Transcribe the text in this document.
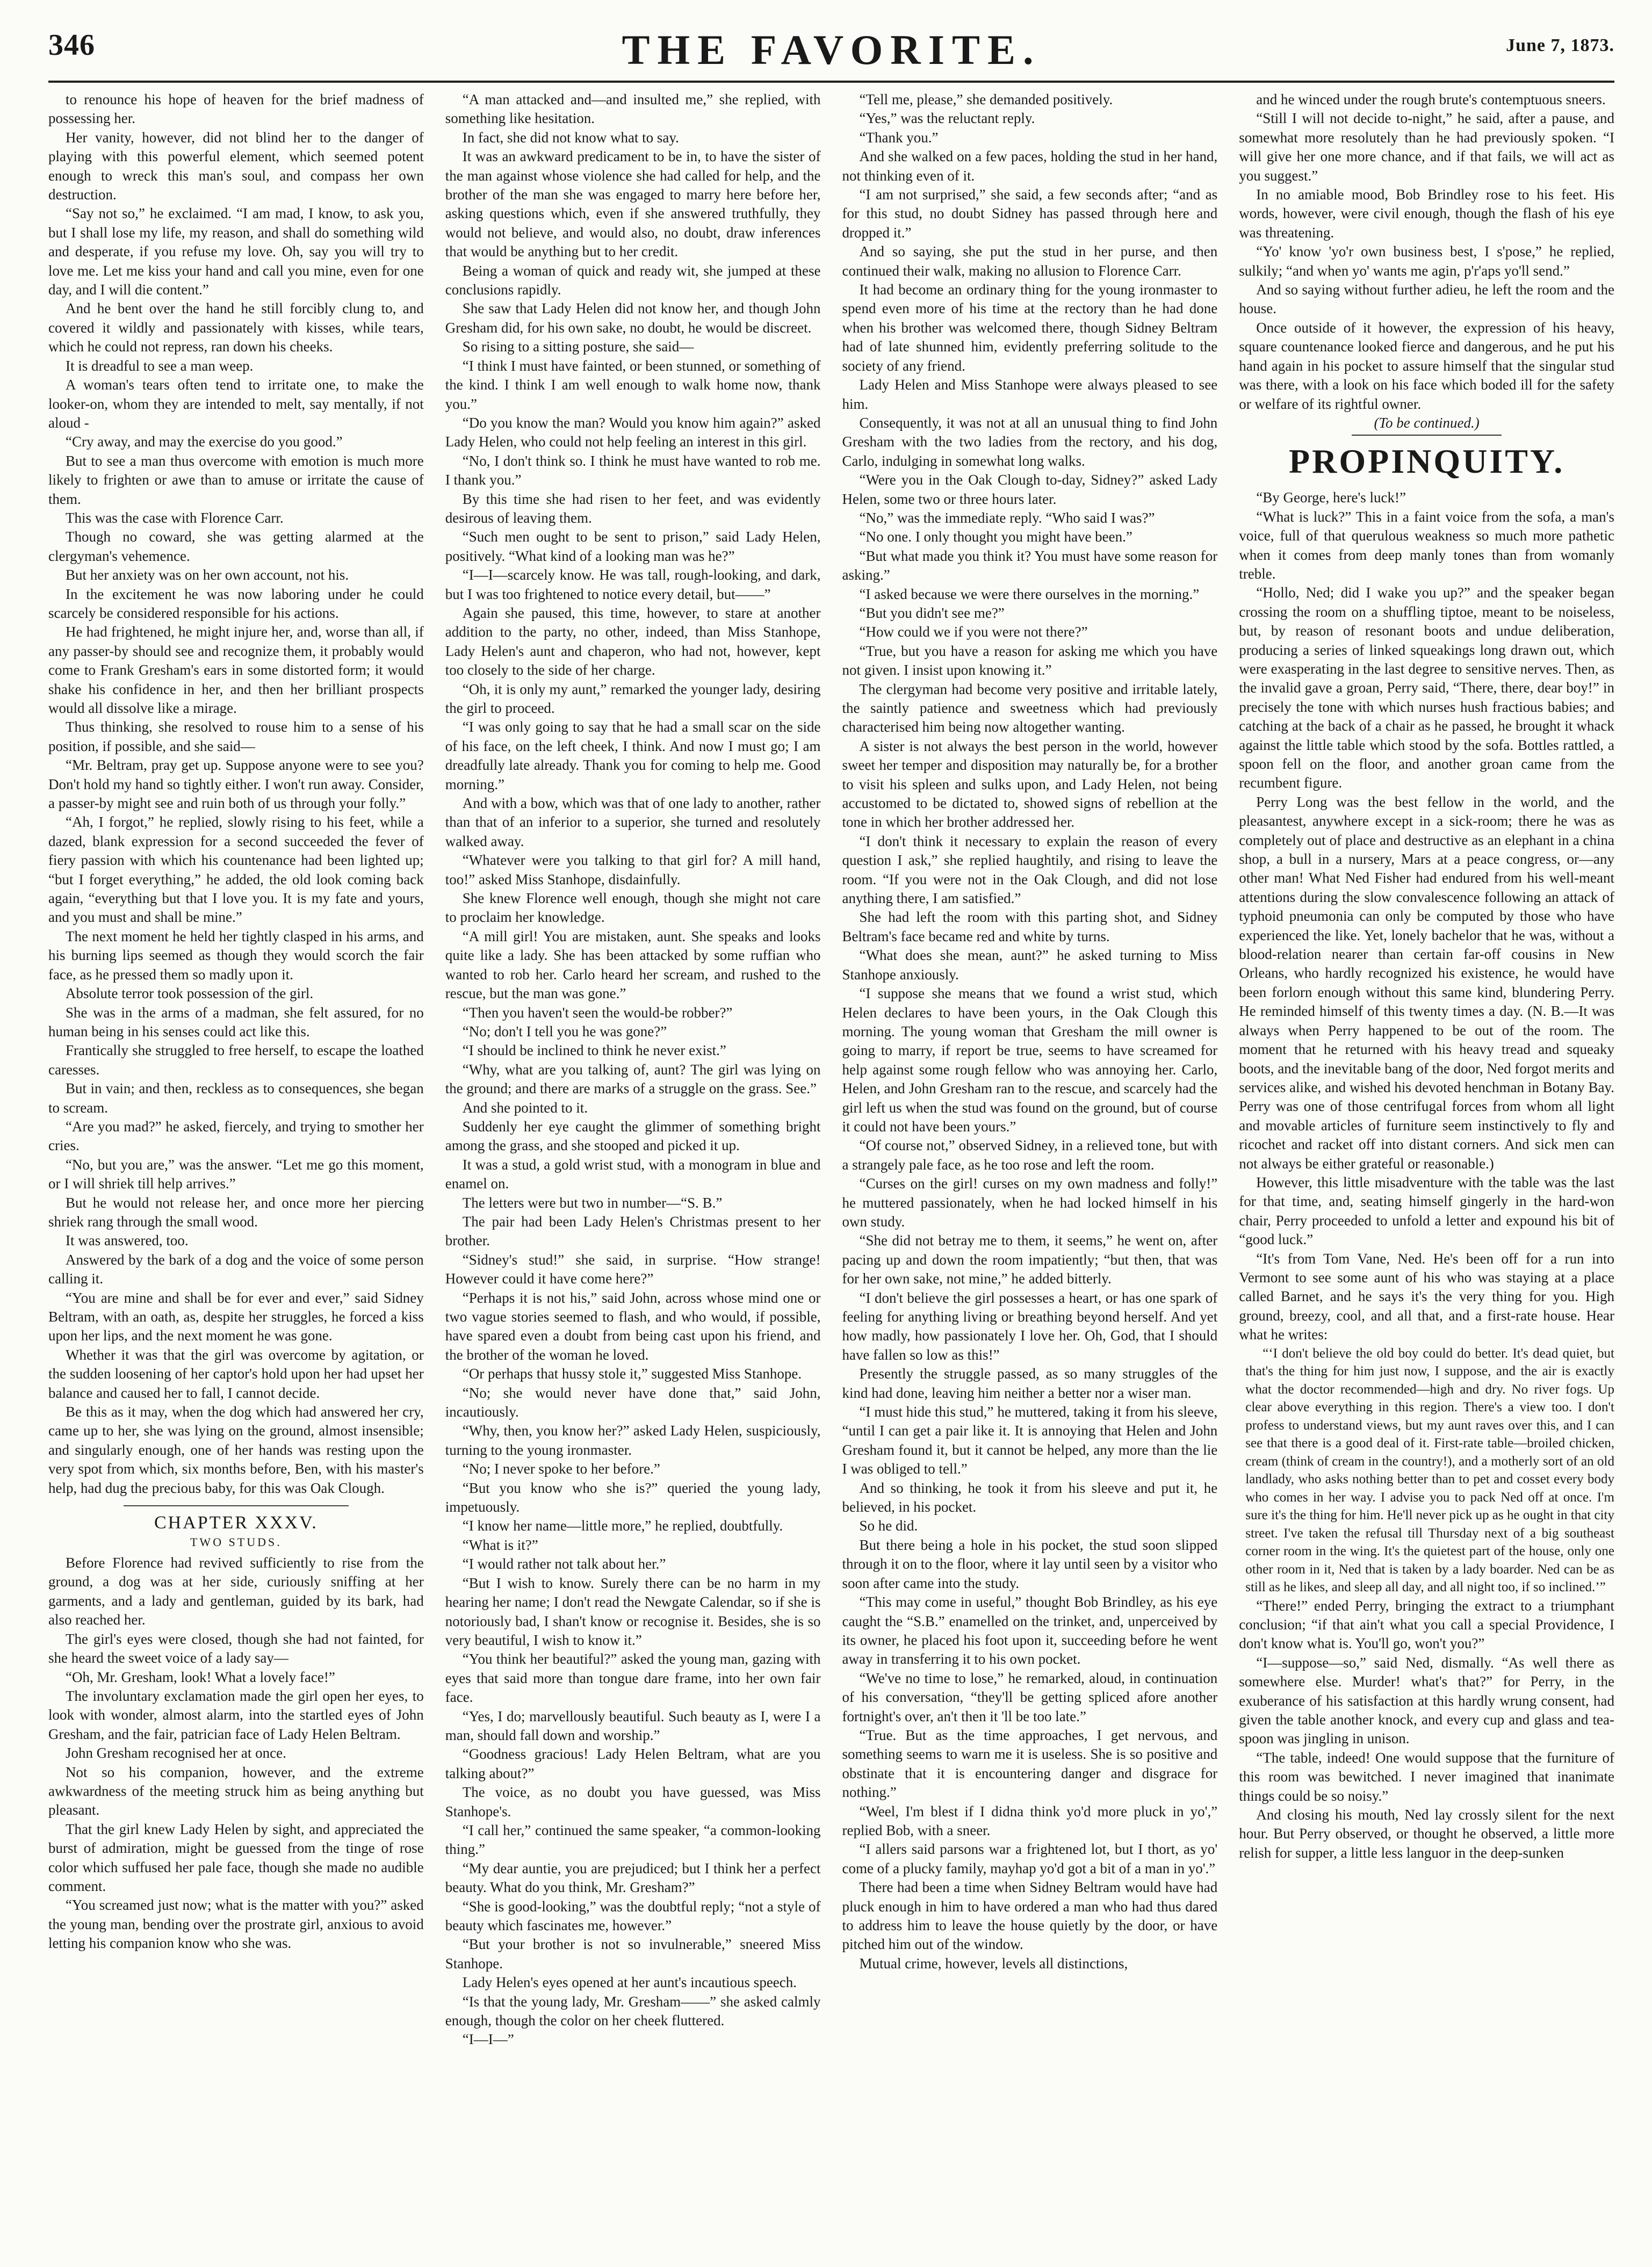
346	THE FAVORITE.	June 7, 1873.

to renounce his hope of heaven for the brief madness of possessing her.

Her vanity, however, did not blind her to the danger of playing with this powerful element, which seemed potent enough to wreck this man's soul, and compass her own destruction.

“Say not so,” he exclaimed. “I am mad, I know, to ask you, but I shall lose my life, my reason, and shall do something wild and desperate, if you refuse my love. Oh, say you will try to love me. Let me kiss your hand and call you mine, even for one day, and I will die content.”

And he bent over the hand he still forcibly clung to, and covered it wildly and passionately with kisses, while tears, which he could not repress, ran down his cheeks.

It is dreadful to see a man weep.

A woman's tears often tend to irritate one, to make the looker-on, whom they are intended to melt, say mentally, if not aloud -

“Cry away, and may the exercise do you good.”

But to see a man thus overcome with emotion is much more likely to frighten or awe than to amuse or irritate the cause of them.

This was the case with Florence Carr.

Though no coward, she was getting alarmed at the clergyman's vehemence.

But her anxiety was on her own account, not his.

In the excitement he was now laboring under he could scarcely be considered responsible for his actions.

He had frightened, he might injure her, and, worse than all, if any passer-by should see and recognize them, it probably would come to Frank Gresham's ears in some distorted form; it would shake his confidence in her, and then her brilliant prospects would all dissolve like a mirage.

Thus thinking, she resolved to rouse him to a sense of his position, if possible, and she said—

“Mr. Beltram, pray get up. Suppose anyone were to see you? Don't hold my hand so tightly either. I won't run away. Consider, a passer-by might see and ruin both of us through your folly.”

“Ah, I forgot,” he replied, slowly rising to his feet, while a dazed, blank expression for a second succeeded the fever of fiery passion with which his countenance had been lighted up; “but I forget everything,” he added, the old look coming back again, “everything but that I love you. It is my fate and yours, and you must and shall be mine.”

The next moment he held her tightly clasped in his arms, and his burning lips seemed as though they would scorch the fair face, as he pressed them so madly upon it.

Absolute terror took possession of the girl.

She was in the arms of a madman, she felt assured, for no human being in his senses could act like this.

Frantically she struggled to free herself, to escape the loathed caresses.

But in vain; and then, reckless as to consequences, she began to scream.

“Are you mad?” he asked, fiercely, and trying to smother her cries.

“No, but you are,” was the answer. “Let me go this moment, or I will shriek till help arrives.”

But he would not release her, and once more her piercing shriek rang through the small wood.

It was answered, too.

Answered by the bark of a dog and the voice of some person calling it.

“You are mine and shall be for ever and ever,” said Sidney Beltram, with an oath, as, despite her struggles, he forced a kiss upon her lips, and the next moment he was gone.

Whether it was that the girl was overcome by agitation, or the sudden loosening of her captor's hold upon her had upset her balance and caused her to fall, I cannot decide.

Be this as it may, when the dog which had answered her cry, came up to her, she was lying on the ground, almost insensible; and singularly enough, one of her hands was resting upon the very spot from which, six months before, Ben, with his master's help, had dug the precious baby, for this was Oak Clough.

CHAPTER XXXV.
TWO STUDS.

Before Florence had revived sufficiently to rise from the ground, a dog was at her side, curiously sniffing at her garments, and a lady and gentleman, guided by its bark, had also reached her.

The girl's eyes were closed, though she had not fainted, for she heard the sweet voice of a lady say—

“Oh, Mr. Gresham, look! What a lovely face!”

The involuntary exclamation made the girl open her eyes, to look with wonder, almost alarm, into the startled eyes of John Gresham, and the fair, patrician face of Lady Helen Beltram.

John Gresham recognised her at once.

Not so his companion, however, and the extreme awkwardness of the meeting struck him as being anything but pleasant.

That the girl knew Lady Helen by sight, and appreciated the burst of admiration, might be guessed from the tinge of rose color which suffused her pale face, though she made no audible comment.

“You screamed just now; what is the matter with you?” asked the young man, bending over the prostrate girl, anxious to avoid letting his companion know who she was.

“A man attacked and—and insulted me,” she replied, with something like hesitation.

In fact, she did not know what to say.

It was an awkward predicament to be in, to have the sister of the man against whose violence she had called for help, and the brother of the man she was engaged to marry here before her, asking questions which, even if she answered truthfully, they would not believe, and would also, no doubt, draw inferences that would be anything but to her credit.

Being a woman of quick and ready wit, she jumped at these conclusions rapidly.

She saw that Lady Helen did not know her, and though John Gresham did, for his own sake, no doubt, he would be discreet.

So rising to a sitting posture, she said—

“I think I must have fainted, or been stunned, or something of the kind. I think I am well enough to walk home now, thank you.”

“Do you know the man? Would you know him again?” asked Lady Helen, who could not help feeling an interest in this girl.

“No, I don't think so. I think he must have wanted to rob me. I thank you.”

By this time she had risen to her feet, and was evidently desirous of leaving them.

“Such men ought to be sent to prison,” said Lady Helen, positively. “What kind of a looking man was he?”

“I—I—scarcely know. He was tall, rough-looking, and dark, but I was too frightened to notice every detail, but——”

Again she paused, this time, however, to stare at another addition to the party, no other, indeed, than Miss Stanhope, Lady Helen's aunt and chaperon, who had not, however, kept too closely to the side of her charge.

“Oh, it is only my aunt,” remarked the younger lady, desiring the girl to proceed.

“I was only going to say that he had a small scar on the side of his face, on the left cheek, I think. And now I must go; I am dreadfully late already. Thank you for coming to help me. Good morning.”

And with a bow, which was that of one lady to another, rather than that of an inferior to a superior, she turned and resolutely walked away.

“Whatever were you talking to that girl for? A mill hand, too!” asked Miss Stanhope, disdainfully.

She knew Florence well enough, though she might not care to proclaim her knowledge.

“A mill girl! You are mistaken, aunt. She speaks and looks quite like a lady. She has been attacked by some ruffian who wanted to rob her. Carlo heard her scream, and rushed to the rescue, but the man was gone.”

“Then you haven't seen the would-be robber?”

“No; don't I tell you he was gone?”

“I should be inclined to think he never exist.”

“Why, what are you talking of, aunt? The girl was lying on the ground; and there are marks of a struggle on the grass. See.”

And she pointed to it.

Suddenly her eye caught the glimmer of something bright among the grass, and she stooped and picked it up.

It was a stud, a gold wrist stud, with a monogram in blue and enamel on.

The letters were but two in number—“S. B.”

The pair had been Lady Helen's Christmas present to her brother.

“Sidney's stud!” she said, in surprise. “How strange! However could it have come here?”

“Perhaps it is not his,” said John, across whose mind one or two vague stories seemed to flash, and who would, if possible, have spared even a doubt from being cast upon his friend, and the brother of the woman he loved.

“Or perhaps that hussy stole it,” suggested Miss Stanhope.

“No; she would never have done that,” said John, incautiously.

“Why, then, you know her?” asked Lady Helen, suspiciously, turning to the young ironmaster.

“No; I never spoke to her before.”

“But you know who she is?” queried the young lady, impetuously.

“I know her name—little more,” he replied, doubtfully.

“What is it?”

“I would rather not talk about her.”

“But I wish to know. Surely there can be no harm in my hearing her name; I don't read the Newgate Calendar, so if she is notoriously bad, I shan't know or recognise it. Besides, she is so very beautiful, I wish to know it.”

“You think her beautiful?” asked the young man, gazing with eyes that said more than tongue dare frame, into her own fair face.

“Yes, I do; marvellously beautiful. Such beauty as I, were I a man, should fall down and worship.”

“Goodness gracious! Lady Helen Beltram, what are you talking about?”

The voice, as no doubt you have guessed, was Miss Stanhope's.

“I call her,” continued the same speaker, “a common-looking thing.”

“My dear auntie, you are prejudiced; but I think her a perfect beauty. What do you think, Mr. Gresham?”

“She is good-looking,” was the doubtful reply; “not a style of beauty which fascinates me, however.”

“But your brother is not so invulnerable,” sneered Miss Stanhope.

Lady Helen's eyes opened at her aunt's incautious speech.

“Is that the young lady, Mr. Gresham——” she asked calmly enough, though the color on her cheek fluttered.

“I—I—”

“Tell me, please,” she demanded positively.

“Yes,” was the reluctant reply.

“Thank you.”

And she walked on a few paces, holding the stud in her hand, not thinking even of it.

“I am not surprised,” she said, a few seconds after; “and as for this stud, no doubt Sidney has passed through here and dropped it.”

And so saying, she put the stud in her purse, and then continued their walk, making no allusion to Florence Carr.

It had become an ordinary thing for the young ironmaster to spend even more of his time at the rectory than he had done when his brother was welcomed there, though Sidney Beltram had of late shunned him, evidently preferring solitude to the society of any friend.

Lady Helen and Miss Stanhope were always pleased to see him.

Consequently, it was not at all an unusual thing to find John Gresham with the two ladies from the rectory, and his dog, Carlo, indulging in somewhat long walks.

“Were you in the Oak Clough to-day, Sidney?” asked Lady Helen, some two or three hours later.

“No,” was the immediate reply. “Who said I was?”

“No one. I only thought you might have been.”

“But what made you think it? You must have some reason for asking.”

“I asked because we were there ourselves in the morning.”

“But you didn't see me?”

“How could we if you were not there?”

“True, but you have a reason for asking me which you have not given. I insist upon knowing it.”

The clergyman had become very positive and irritable lately, the saintly patience and sweetness which had previously characterised him being now altogether wanting.

A sister is not always the best person in the world, however sweet her temper and disposition may naturally be, for a brother to visit his spleen and sulks upon, and Lady Helen, not being accustomed to be dictated to, showed signs of rebellion at the tone in which her brother addressed her.

“I don't think it necessary to explain the reason of every question I ask,” she replied haughtily, and rising to leave the room. “If you were not in the Oak Clough, and did not lose anything there, I am satisfied.”

She had left the room with this parting shot, and Sidney Beltram's face became red and white by turns.

“What does she mean, aunt?” he asked turning to Miss Stanhope anxiously.

“I suppose she means that we found a wrist stud, which Helen declares to have been yours, in the Oak Clough this morning. The young woman that Gresham the mill owner is going to marry, if report be true, seems to have screamed for help against some rough fellow who was annoying her. Carlo, Helen, and John Gresham ran to the rescue, and scarcely had the girl left us when the stud was found on the ground, but of course it could not have been yours.”

“Of course not,” observed Sidney, in a relieved tone, but with a strangely pale face, as he too rose and left the room.

“Curses on the girl! curses on my own madness and folly!” he muttered passionately, when he had locked himself in his own study.

“She did not betray me to them, it seems,” he went on, after pacing up and down the room impatiently; “but then, that was for her own sake, not mine,” he added bitterly.

“I don't believe the girl possesses a heart, or has one spark of feeling for anything living or breathing beyond herself. And yet how madly, how passionately I love her. Oh, God, that I should have fallen so low as this!”

Presently the struggle passed, as so many struggles of the kind had done, leaving him neither a better nor a wiser man.

“I must hide this stud,” he muttered, taking it from his sleeve, “until I can get a pair like it. It is annoying that Helen and John Gresham found it, but it cannot be helped, any more than the lie I was obliged to tell.”

And so thinking, he took it from his sleeve and put it, he believed, in his pocket.

So he did.

But there being a hole in his pocket, the stud soon slipped through it on to the floor, where it lay until seen by a visitor who soon after came into the study.

“This may come in useful,” thought Bob Brindley, as his eye caught the “S.B.” enamelled on the trinket, and, unperceived by its owner, he placed his foot upon it, succeeding before he went away in transferring it to his own pocket.

“We've no time to lose,” he remarked, aloud, in continuation of his conversation, “they'll be getting spliced afore another fortnight's over, an't then it 'll be too late.”

“True. But as the time approaches, I get nervous, and something seems to warn me it is useless. She is so positive and obstinate that it is encountering danger and disgrace for nothing.”

“Weel, I'm blest if I didna think yo'd more pluck in yo',” replied Bob, with a sneer.

“I allers said parsons war a frightened lot, but I thort, as yo' come of a plucky family, mayhap yo'd got a bit of a man in yo'.”

There had been a time when Sidney Beltram would have had pluck enough in him to have ordered a man who had thus dared to address him to leave the house quietly by the door, or have pitched him out of the window.

Mutual crime, however, levels all distinctions,

and he winced under the rough brute's contemptuous sneers.

“Still I will not decide to-night,” he said, after a pause, and somewhat more resolutely than he had previously spoken. “I will give her one more chance, and if that fails, we will act as you suggest.”

In no amiable mood, Bob Brindley rose to his feet. His words, however, were civil enough, though the flash of his eye was threatening.

“Yo' know 'yo'r own business best, I s'pose,” he replied, sulkily; “and when yo' wants me agin, p'r'aps yo'll send.”

And so saying without further adieu, he left the room and the house.

Once outside of it however, the expression of his heavy, square countenance looked fierce and dangerous, and he put his hand again in his pocket to assure himself that the singular stud was there, with a look on his face which boded ill for the safety or welfare of its rightful owner.

(To be continued.)

PROPINQUITY.

“By George, here's luck!”

“What is luck?” This in a faint voice from the sofa, a man's voice, full of that querulous weakness so much more pathetic when it comes from deep manly tones than from womanly treble.

“Hollo, Ned; did I wake you up?” and the speaker began crossing the room on a shuffling tiptoe, meant to be noiseless, but, by reason of resonant boots and undue deliberation, producing a series of linked squeakings long drawn out, which were exasperating in the last degree to sensitive nerves. Then, as the invalid gave a groan, Perry said, “There, there, dear boy!” in precisely the tone with which nurses hush fractious babies; and catching at the back of a chair as he passed, he brought it whack against the little table which stood by the sofa. Bottles rattled, a spoon fell on the floor, and another groan came from the recumbent figure.

Perry Long was the best fellow in the world, and the pleasantest, anywhere except in a sick-room; there he was as completely out of place and destructive as an elephant in a china shop, a bull in a nursery, Mars at a peace congress, or—any other man! What Ned Fisher had endured from his well-meant attentions during the slow convalescence following an attack of typhoid pneumonia can only be computed by those who have experienced the like. Yet, lonely bachelor that he was, without a blood-relation nearer than certain far-off cousins in New Orleans, who hardly recognized his existence, he would have been forlorn enough without this same kind, blundering Perry. He reminded himself of this twenty times a day. (N. B.—It was always when Perry happened to be out of the room. The moment that he returned with his heavy tread and squeaky boots, and the inevitable bang of the door, Ned forgot merits and services alike, and wished his devoted henchman in Botany Bay. Perry was one of those centrifugal forces from whom all light and movable articles of furniture seem instinctively to fly and ricochet and racket off into distant corners. And sick men can not always be either grateful or reasonable.)

However, this little misadventure with the table was the last for that time, and, seating himself gingerly in the hard-won chair, Perry proceeded to unfold a letter and expound his bit of “good luck.”

“It's from Tom Vane, Ned. He's been off for a run into Vermont to see some aunt of his who was staying at a place called Barnet, and he says it's the very thing for you. High ground, breezy, cool, and all that, and a first-rate house. Hear what he writes:

“‘I don't believe the old boy could do better. It's dead quiet, but that's the thing for him just now, I suppose, and the air is exactly what the doctor recommended—high and dry. No river fogs. Up clear above everything in this region. There's a view too. I don't profess to understand views, but my aunt raves over this, and I can see that there is a good deal of it. First-rate table—broiled chicken, cream (think of cream in the country!), and a motherly sort of an old landlady, who asks nothing better than to pet and cosset every body who comes in her way. I advise you to pack Ned off at once. I'm sure it's the thing for him. He'll never pick up as he ought in that city street. I've taken the refusal till Thursday next of a big southeast corner room in the wing. It's the quietest part of the house, only one other room in it, Ned that is taken by a lady boarder. Ned can be as still as he likes, and sleep all day, and all night too, if so inclined.’”

“There!” ended Perry, bringing the extract to a triumphant conclusion; “if that ain't what you call a special Providence, I don't know what is. You'll go, won't you?”

“I—suppose—so,” said Ned, dismally. “As well there as somewhere else. Murder! what's that?” for Perry, in the exuberance of his satisfaction at this hardly wrung consent, had given the table another knock, and every cup and glass and tea-spoon was jingling in unison.

“The table, indeed! One would suppose that the furniture of this room was bewitched. I never imagined that inanimate things could be so noisy.”

And closing his mouth, Ned lay crossly silent for the next hour. But Perry observed, or thought he observed, a little more relish for supper, a little less languor in the deep-sunken
